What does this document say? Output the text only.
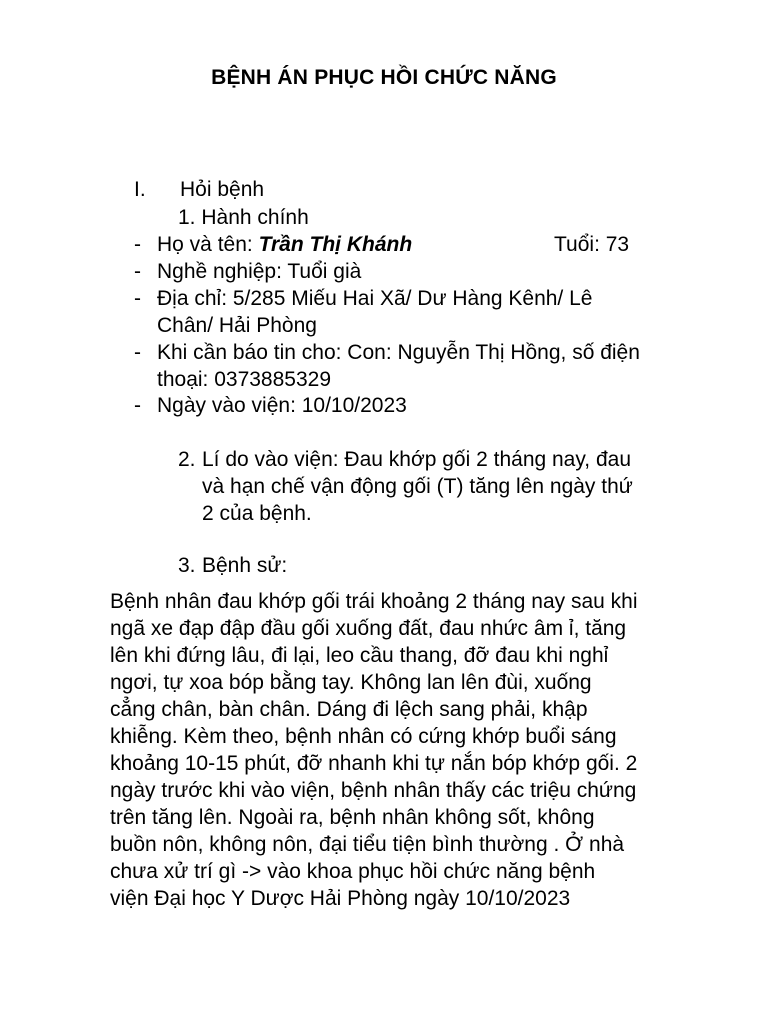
BỆNH ÁN PHỤC HỒI CHỨC NĂNG
I. Hỏi bệnh
1. Hành chính
- Họ và tên: Trần Thị Khánh	Tuổi: 73
- Nghề nghiệp: Tuổi già
- Địa chỉ: 5/285 Miếu Hai Xã/ Dư Hàng Kênh/ Lê
Chân/ Hải Phòng
- Khi cần báo tin cho: Con: Nguyễn Thị Hồng, số điện
thoại: 0373885329
- Ngày vào viện: 10/10/2023
2. Lí do vào viện: Đau khớp gối 2 tháng nay, đau
và hạn chế vận động gối (T) tăng lên ngày thứ
2 của bệnh.
3. Bệnh sử:
Bệnh nhân đau khớp gối trái khoảng 2 tháng nay sau khi
ngã xe đạp đập đầu gối xuống đất, đau nhức âm ỉ, tăng
lên khi đứng lâu, đi lại, leo cầu thang, đỡ đau khi nghỉ
ngơi, tự xoa bóp bằng tay. Không lan lên đùi, xuống
cẳng chân, bàn chân. Dáng đi lệch sang phải, khập
khiễng. Kèm theo, bệnh nhân có cứng khớp buổi sáng
khoảng 10-15 phút, đỡ nhanh khi tự nắn bóp khớp gối. 2
ngày trước khi vào viện, bệnh nhân thấy các triệu chứng
trên tăng lên. Ngoài ra, bệnh nhân không sốt, không
buồn nôn, không nôn, đại tiểu tiện bình thường . Ở nhà
chưa xử trí gì -> vào khoa phục hồi chức năng bệnh
viện Đại học Y Dược Hải Phòng ngày 10/10/2023
